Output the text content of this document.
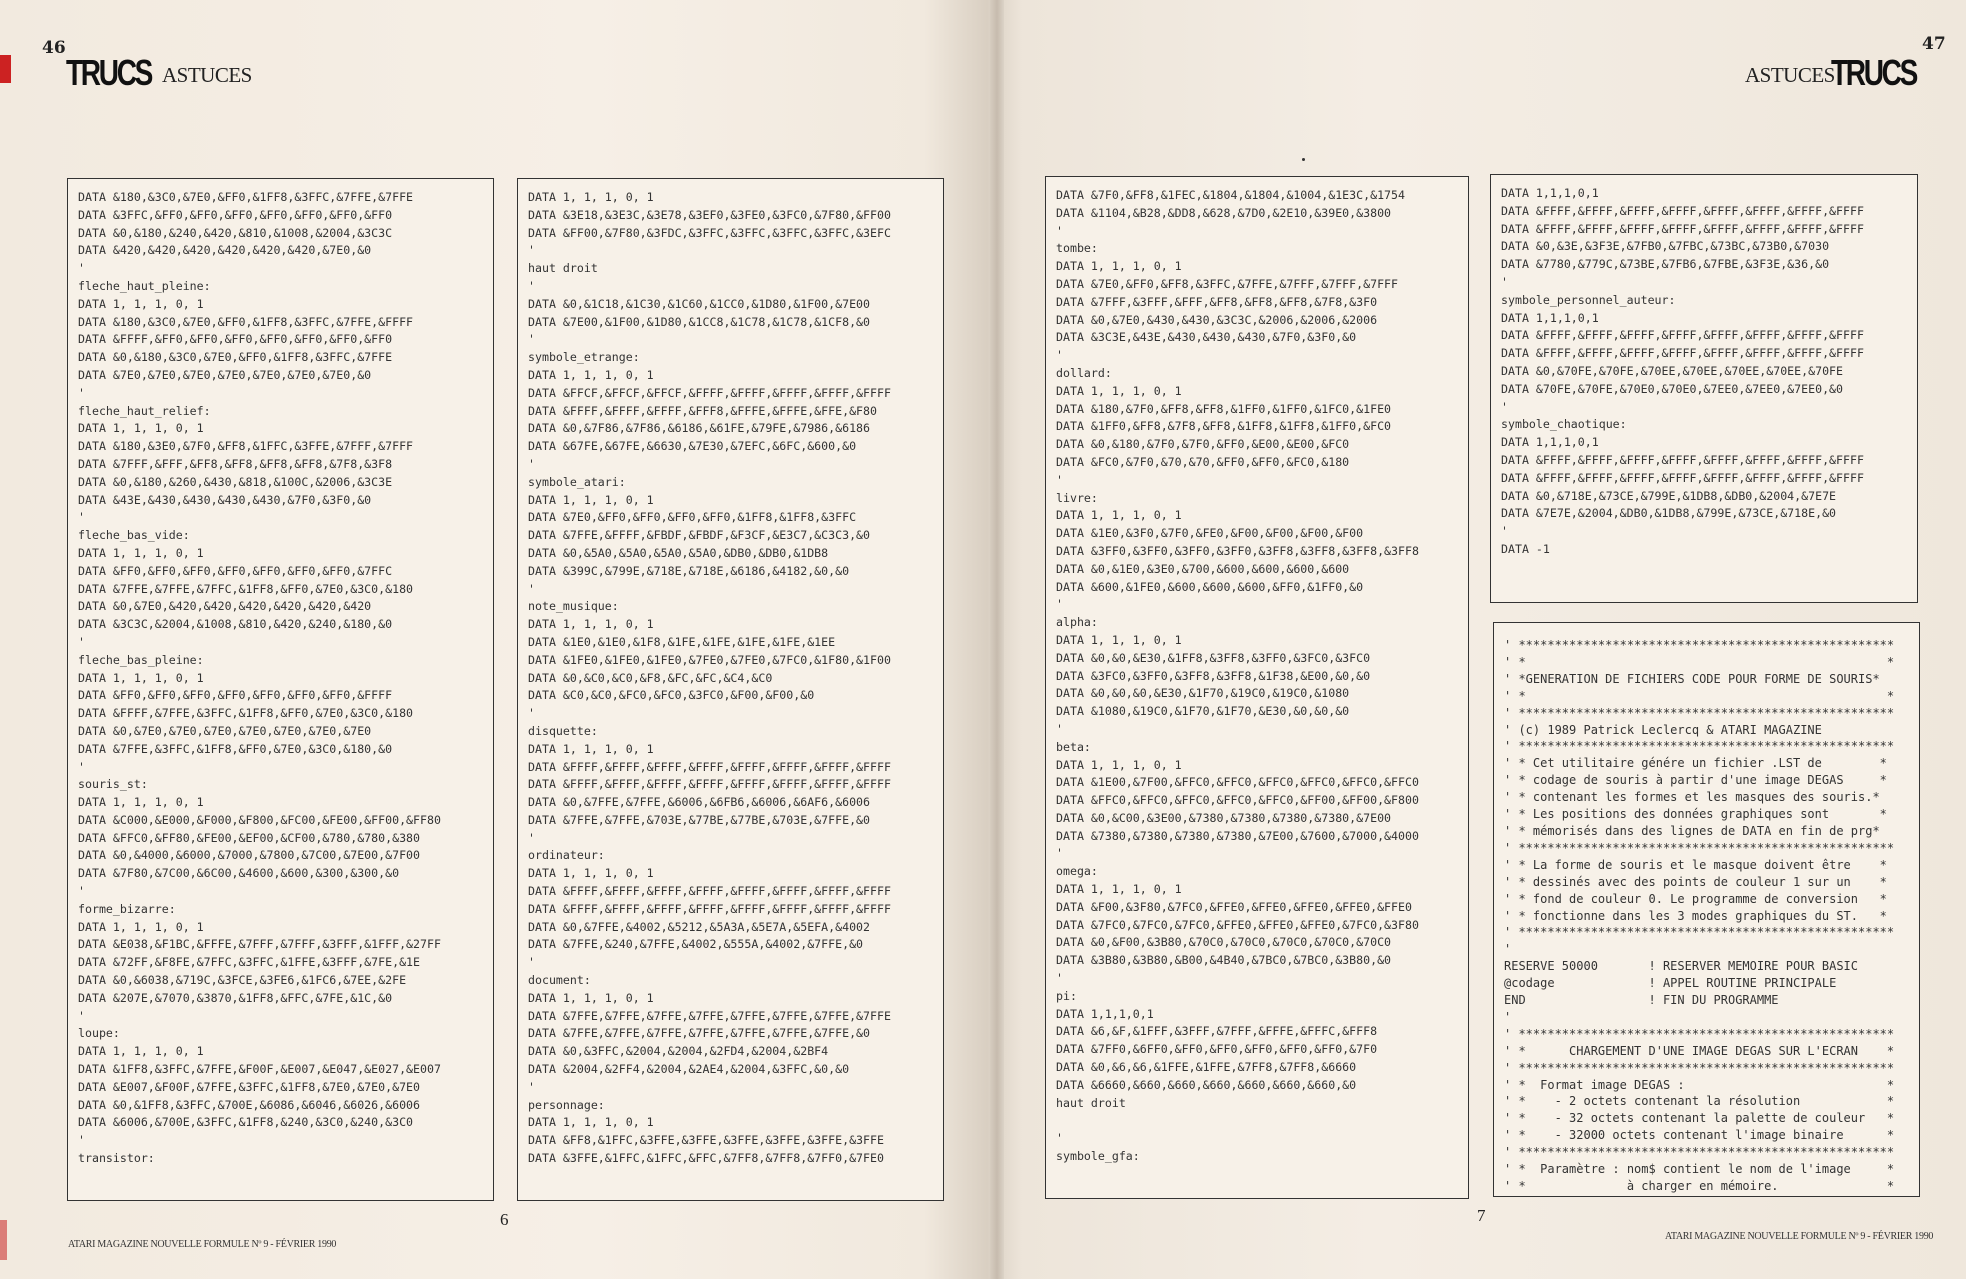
46
TRUCS ASTUCES	ASTUCES
TRUCS
47
DATA &180,&3C0,&7E0,&FF0,&1FF8,&3FFC,&7FFE,&7FFE
DATA &3FFC,&FF0,&FF0,&FF0,&FF0,&FF0,&FF0,&FF0
DATA &0,&180,&240,&420,&810,&1008,&2004,&3C3C
DATA &420,&420,&420,&420,&420,&420,&7E0,&0
'
fleche_haut_pleine:
DATA 1, 1, 1, 0, 1
DATA &180,&3C0,&7E0,&FF0,&1FF8,&3FFC,&7FFE,&FFFF
DATA &FFFF,&FF0,&FF0,&FF0,&FF0,&FF0,&FF0,&FF0
DATA &0,&180,&3C0,&7E0,&FF0,&1FF8,&3FFC,&7FFE
DATA &7E0,&7E0,&7E0,&7E0,&7E0,&7E0,&7E0,&0
'
fleche_haut_relief:
DATA 1, 1, 1, 0, 1
DATA &180,&3E0,&7F0,&FF8,&1FFC,&3FFE,&7FFF,&7FFF
DATA &7FFF,&FFF,&FF8,&FF8,&FF8,&FF8,&7F8,&3F8
DATA &0,&180,&260,&430,&818,&100C,&2006,&3C3E
DATA &43E,&430,&430,&430,&430,&7F0,&3F0,&0
'
fleche_bas_vide:
DATA 1, 1, 1, 0, 1
DATA &FF0,&FF0,&FF0,&FF0,&FF0,&FF0,&FF0,&7FFC
DATA &7FFE,&7FFE,&7FFC,&1FF8,&FF0,&7E0,&3C0,&180
DATA &0,&7E0,&420,&420,&420,&420,&420,&420
DATA &3C3C,&2004,&1008,&810,&420,&240,&180,&0
'
fleche_bas_pleine:
DATA 1, 1, 1, 0, 1
DATA &FF0,&FF0,&FF0,&FF0,&FF0,&FF0,&FF0,&FFFF
DATA &FFFF,&7FFE,&3FFC,&1FF8,&FF0,&7E0,&3C0,&180
DATA &0,&7E0,&7E0,&7E0,&7E0,&7E0,&7E0,&7E0
DATA &7FFE,&3FFC,&1FF8,&FF0,&7E0,&3C0,&180,&0
'
souris_st:
DATA 1, 1, 1, 0, 1
DATA &C000,&E000,&F000,&F800,&FC00,&FE00,&FF00,&FF80
DATA &FFC0,&FF80,&FE00,&EF00,&CF00,&780,&780,&380
DATA &0,&4000,&6000,&7000,&7800,&7C00,&7E00,&7F00
DATA &7F80,&7C00,&6C00,&4600,&600,&300,&300,&0
'
forme_bizarre:
DATA 1, 1, 1, 0, 1
DATA &E038,&F1BC,&FFFE,&7FFF,&7FFF,&3FFF,&1FFF,&27FF
DATA &72FF,&F8FE,&7FFC,&3FFC,&1FFE,&3FFF,&7FE,&1E
DATA &0,&6038,&719C,&3FCE,&3FE6,&1FC6,&7EE,&2FE
DATA &207E,&7070,&3870,&1FF8,&FFC,&7FE,&1C,&0
'
loupe:
DATA 1, 1, 1, 0, 1
DATA &1FF8,&3FFC,&7FFE,&F00F,&E007,&E047,&E027,&E007
DATA &E007,&F00F,&7FFE,&3FFC,&1FF8,&7E0,&7E0,&7E0
DATA &0,&1FF8,&3FFC,&700E,&6086,&6046,&6026,&6006
DATA &6006,&700E,&3FFC,&1FF8,&240,&3C0,&240,&3C0
'
transistor:
DATA 1, 1, 1, 0, 1
DATA &3E18,&3E3C,&3E78,&3EF0,&3FE0,&3FC0,&7F80,&FF00
DATA &FF00,&7F80,&3FDC,&3FFC,&3FFC,&3FFC,&3FFC,&3EFC
'
haut droit
'
DATA &0,&1C18,&1C30,&1C60,&1CC0,&1D80,&1F00,&7E00
DATA &7E00,&1F00,&1D80,&1CC8,&1C78,&1C78,&1CF8,&0
'
symbole_etrange:
DATA 1, 1, 1, 0, 1
DATA &FFCF,&FFCF,&FFCF,&FFFF,&FFFF,&FFFF,&FFFF,&FFFF
DATA &FFFF,&FFFF,&FFFF,&FFF8,&FFFE,&FFFE,&FFE,&F80
DATA &0,&7F86,&7F86,&6186,&61FE,&79FE,&7986,&6186
DATA &67FE,&67FE,&6630,&7E30,&7EFC,&6FC,&600,&0
'
symbole_atari:
DATA 1, 1, 1, 0, 1
DATA &7E0,&FF0,&FF0,&FF0,&FF0,&1FF8,&1FF8,&3FFC
DATA &7FFE,&FFFF,&FBDF,&FBDF,&F3CF,&E3C7,&C3C3,&0
DATA &0,&5A0,&5A0,&5A0,&5A0,&DB0,&DB0,&1DB8
DATA &399C,&799E,&718E,&718E,&6186,&4182,&0,&0
'
note_musique:
DATA 1, 1, 1, 0, 1
DATA &1E0,&1E0,&1F8,&1FE,&1FE,&1FE,&1FE,&1EE
DATA &1FE0,&1FE0,&1FE0,&7FE0,&7FE0,&7FC0,&1F80,&1F00
DATA &0,&C0,&C0,&F8,&FC,&FC,&C4,&C0
DATA &C0,&C0,&FC0,&FC0,&3FC0,&F00,&F00,&0
'
disquette:
DATA 1, 1, 1, 0, 1
DATA &FFFF,&FFFF,&FFFF,&FFFF,&FFFF,&FFFF,&FFFF,&FFFF
DATA &FFFF,&FFFF,&FFFF,&FFFF,&FFFF,&FFFF,&FFFF,&FFFF
DATA &0,&7FFE,&7FFE,&6006,&6FB6,&6006,&6AF6,&6006
DATA &7FFE,&7FFE,&703E,&77BE,&77BE,&703E,&7FFE,&0
'
ordinateur:
DATA 1, 1, 1, 0, 1
DATA &FFFF,&FFFF,&FFFF,&FFFF,&FFFF,&FFFF,&FFFF,&FFFF
DATA &FFFF,&FFFF,&FFFF,&FFFF,&FFFF,&FFFF,&FFFF,&FFFF
DATA &0,&7FFE,&4002,&5212,&5A3A,&5E7A,&5EFA,&4002
DATA &7FFE,&240,&7FFE,&4002,&555A,&4002,&7FFE,&0
'
document:
DATA 1, 1, 1, 0, 1
DATA &7FFE,&7FFE,&7FFE,&7FFE,&7FFE,&7FFE,&7FFE,&7FFE
DATA &7FFE,&7FFE,&7FFE,&7FFE,&7FFE,&7FFE,&7FFE,&0
DATA &0,&3FFC,&2004,&2004,&2FD4,&2004,&2BF4
DATA &2004,&2FF4,&2004,&2AE4,&2004,&3FFC,&0,&0
'
personnage:
DATA 1, 1, 1, 0, 1
DATA &FF8,&1FFC,&3FFE,&3FFE,&3FFE,&3FFE,&3FFE,&3FFE
DATA &3FFE,&1FFC,&1FFC,&FFC,&7FF8,&7FF8,&7FF0,&7FE0
DATA &7F0,&FF8,&1FEC,&1804,&1804,&1004,&1E3C,&1754
DATA &1104,&B28,&DD8,&628,&7D0,&2E10,&39E0,&3800
'
tombe:
DATA 1, 1, 1, 0, 1
DATA &7E0,&FF0,&FF8,&3FFC,&7FFE,&7FFF,&7FFF,&7FFF
DATA &7FFF,&3FFF,&FFF,&FF8,&FF8,&FF8,&7F8,&3F0
DATA &0,&7E0,&430,&430,&3C3C,&2006,&2006,&2006
DATA &3C3E,&43E,&430,&430,&430,&7F0,&3F0,&0
'
dollard:
DATA 1, 1, 1, 0, 1
DATA &180,&7F0,&FF8,&FF8,&1FF0,&1FF0,&1FC0,&1FE0
DATA &1FF0,&FF8,&7F8,&FF8,&1FF8,&1FF8,&1FF0,&FC0
DATA &0,&180,&7F0,&7F0,&FF0,&E00,&E00,&FC0
DATA &FC0,&7F0,&70,&70,&FF0,&FF0,&FC0,&180
'
livre:
DATA 1, 1, 1, 0, 1
DATA &1E0,&3F0,&7F0,&FE0,&F00,&F00,&F00,&F00
DATA &3FF0,&3FF0,&3FF0,&3FF0,&3FF8,&3FF8,&3FF8,&3FF8
DATA &0,&1E0,&3E0,&700,&600,&600,&600,&600
DATA &600,&1FE0,&600,&600,&600,&FF0,&1FF0,&0
'
alpha:
DATA 1, 1, 1, 0, 1
DATA &0,&0,&E30,&1FF8,&3FF8,&3FF0,&3FC0,&3FC0
DATA &3FC0,&3FF0,&3FF8,&3FF8,&1F38,&E00,&0,&0
DATA &0,&0,&0,&E30,&1F70,&19C0,&19C0,&1080
DATA &1080,&19C0,&1F70,&1F70,&E30,&0,&0,&0
'
beta:
DATA 1, 1, 1, 0, 1
DATA &1E00,&7F00,&FFC0,&FFC0,&FFC0,&FFC0,&FFC0,&FFC0
DATA &FFC0,&FFC0,&FFC0,&FFC0,&FFC0,&FF00,&FF00,&F800
DATA &0,&C00,&3E00,&7380,&7380,&7380,&7380,&7E00
DATA &7380,&7380,&7380,&7380,&7E00,&7600,&7000,&4000
'
omega:
DATA 1, 1, 1, 0, 1
DATA &F00,&3F80,&7FC0,&FFE0,&FFE0,&FFE0,&FFE0,&FFE0
DATA &7FC0,&7FC0,&7FC0,&FFE0,&FFE0,&FFE0,&7FC0,&3F80
DATA &0,&F00,&3B80,&70C0,&70C0,&70C0,&70C0,&70C0
DATA &3B80,&3B80,&B00,&4B40,&7BC0,&7BC0,&3B80,&0
'
pi:
DATA 1,1,1,0,1
DATA &6,&F,&1FFF,&3FFF,&7FFF,&FFFE,&FFFC,&FFF8
DATA &7FF0,&6FF0,&FF0,&FF0,&FF0,&FF0,&FF0,&7F0
DATA &0,&6,&6,&1FFE,&1FFE,&7FF8,&7FF8,&6660
DATA &6660,&660,&660,&660,&660,&660,&660,&0
haut droit

'
symbole_gfa:
DATA 1,1,1,0,1
DATA &FFFF,&FFFF,&FFFF,&FFFF,&FFFF,&FFFF,&FFFF,&FFFF
DATA &FFFF,&FFFF,&FFFF,&FFFF,&FFFF,&FFFF,&FFFF,&FFFF
DATA &0,&3E,&3F3E,&7FB0,&7FBC,&73BC,&73B0,&7030
DATA &7780,&779C,&73BE,&7FB6,&7FBE,&3F3E,&36,&0
'
symbole_personnel_auteur:
DATA 1,1,1,0,1
DATA &FFFF,&FFFF,&FFFF,&FFFF,&FFFF,&FFFF,&FFFF,&FFFF
DATA &FFFF,&FFFF,&FFFF,&FFFF,&FFFF,&FFFF,&FFFF,&FFFF
DATA &0,&70FE,&70FE,&70EE,&70EE,&70EE,&70EE,&70FE
DATA &70FE,&70FE,&70E0,&70E0,&7EE0,&7EE0,&7EE0,&0
'
symbole_chaotique:
DATA 1,1,1,0,1
DATA &FFFF,&FFFF,&FFFF,&FFFF,&FFFF,&FFFF,&FFFF,&FFFF
DATA &FFFF,&FFFF,&FFFF,&FFFF,&FFFF,&FFFF,&FFFF,&FFFF
DATA &0,&718E,&73CE,&799E,&1DB8,&DB0,&2004,&7E7E
DATA &7E7E,&2004,&DB0,&1DB8,&799E,&73CE,&718E,&0
'
DATA -1
' ****************************************************
' *                                                  *
' *GENERATION DE FICHIERS CODE POUR FORME DE SOURIS*
' *                                                  *
' ****************************************************
' (c) 1989 Patrick Leclercq & ATARI MAGAZINE
' ****************************************************
' * Cet utilitaire génére un fichier .LST de        *
' * codage de souris à partir d'une image DEGAS     *
' * contenant les formes et les masques des souris.*
' * Les positions des données graphiques sont       *
' * mémorisés dans des lignes de DATA en fin de prg*
' ****************************************************
' * La forme de souris et le masque doivent être    *
' * dessinés avec des points de couleur 1 sur un    *
' * fond de couleur 0. Le programme de conversion   *
' * fonctionne dans les 3 modes graphiques du ST.   *
' ****************************************************
'
RESERVE 50000       ! RESERVER MEMOIRE POUR BASIC
@codage             ! APPEL ROUTINE PRINCIPALE
END                 ! FIN DU PROGRAMME
'
' ****************************************************
' *      CHARGEMENT D'UNE IMAGE DEGAS SUR L'ECRAN    *
' ****************************************************
' *  Format image DEGAS :                            *
' *    - 2 octets contenant la résolution            *
' *    - 32 octets contenant la palette de couleur   *
' *    - 32000 octets contenant l'image binaire      *
' ****************************************************
' *  Paramètre : nom$ contient le nom de l'image     *
' *              à charger en mémoire.               *
6	7
ATARI MAGAZINE NOUVELLE FORMULE Nº 9 - FÉVRIER 1990
ATARI MAGAZINE NOUVELLE FORMULE Nº 9 - FÉVRIER 1990
